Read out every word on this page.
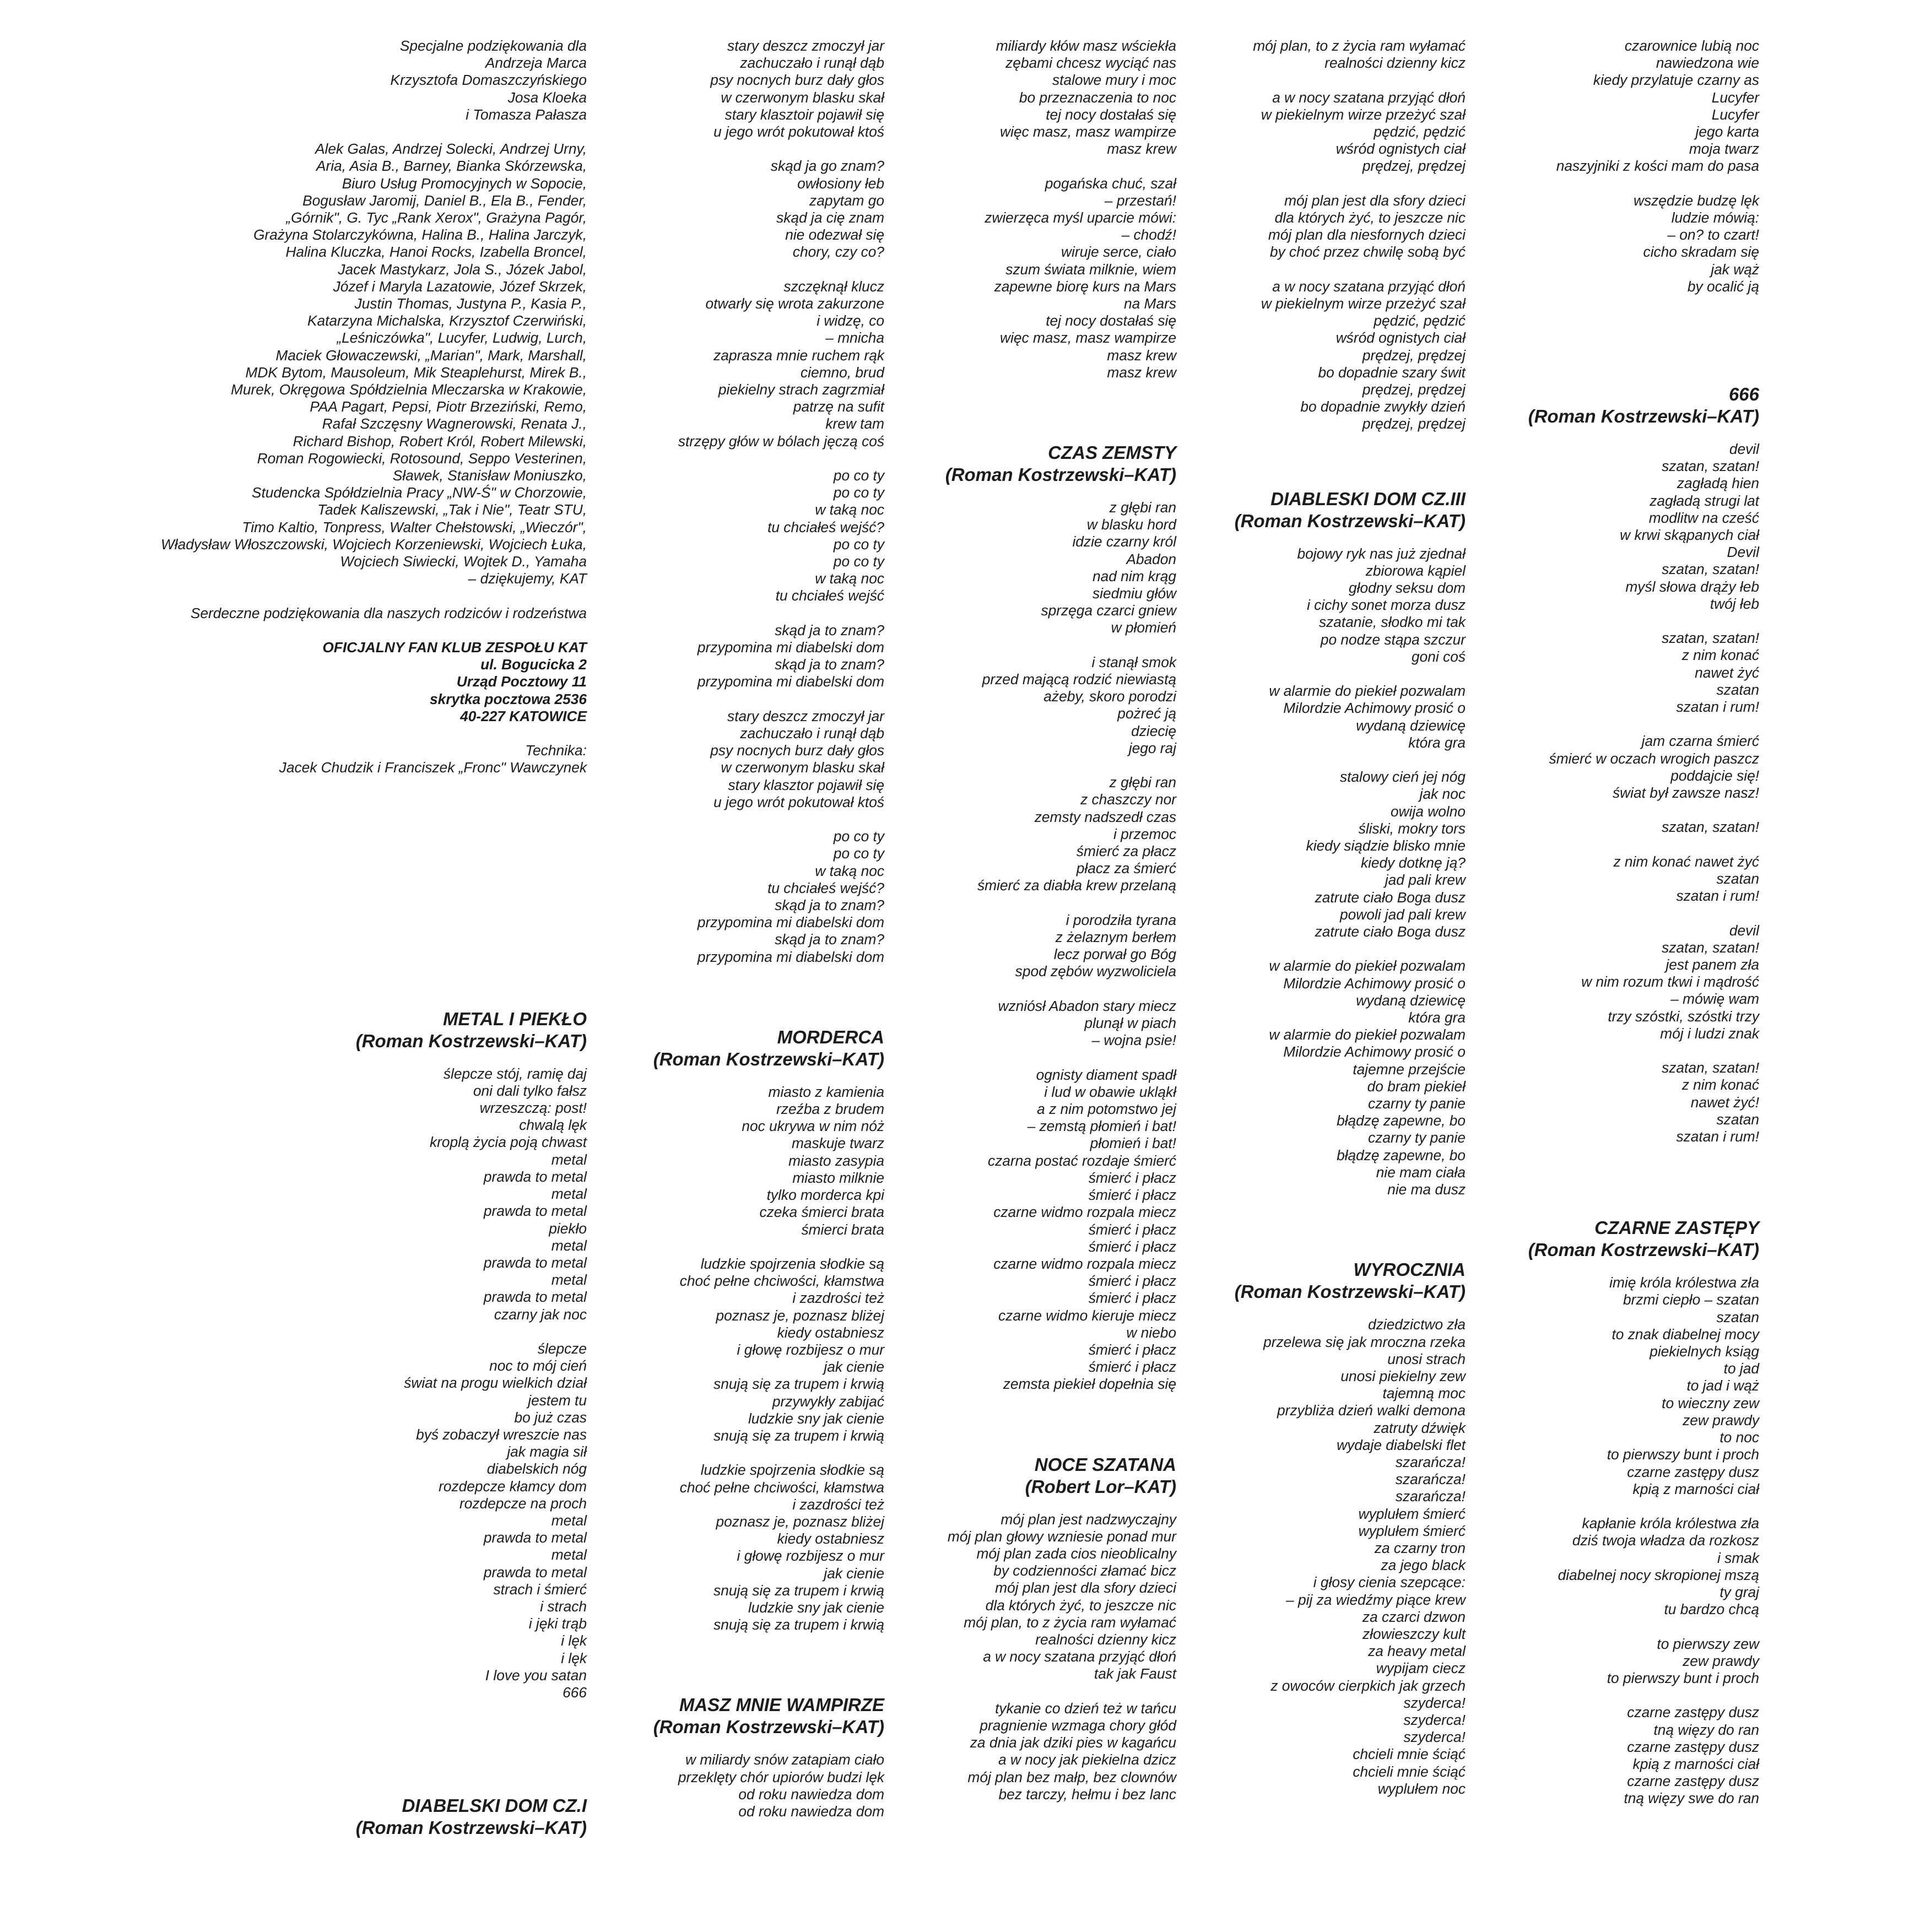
Specjalne podziękowania dla
Andrzeja Marca
Krzysztofa Domaszczyńskiego
Josa Kloeka
i Tomasza Pałasza
Alek Galas, Andrzej Solecki, Andrzej Urny,
Aria, Asia B., Barney, Bianka Skórzewska,
Biuro Usług Promocyjnych w Sopocie,
Bogusław Jaromij, Daniel B., Ela B., Fender,
„Górnik", G. Tyc „Rank Xerox", Grażyna Pagór,
Grażyna Stolarczykówna, Halina B., Halina Jarczyk,
Halina Kluczka, Hanoi Rocks, Izabella Broncel,
Jacek Mastykarz, Jola S., Józek Jabol,
Józef i Maryla Lazatowie, Józef Skrzek,
Justin Thomas, Justyna P., Kasia P.,
Katarzyna Michalska, Krzysztof Czerwiński,
„Leśniczówka", Lucyfer, Ludwig, Lurch,
Maciek Głowaczewski, „Marian", Mark, Marshall,
MDK Bytom, Mausoleum, Mik Steaplehurst, Mirek B.,
Murek, Okręgowa Spółdzielnia Mleczarska w Krakowie,
PAA Pagart, Pepsi, Piotr Brzeziński, Remo,
Rafał Szczęsny Wagnerowski, Renata J.,
Richard Bishop, Robert Król, Robert Milewski,
Roman Rogowiecki, Rotosound, Seppo Vesterinen,
Sławek, Stanisław Moniuszko,
Studencka Spółdzielnia Pracy „NW-Ś" w Chorzowie,
Tadek Kaliszewski, „Tak i Nie", Teatr STU,
Timo Kaltio, Tonpress, Walter Chełstowski, „Wieczór",
Władysław Włoszczowski, Wojciech Korzeniewski, Wojciech Łuka,
Wojciech Siwiecki, Wojtek D., Yamaha
– dziękujemy, KAT
Serdeczne podziękowania dla naszych rodziców i rodzeństwa
OFICJALNY FAN KLUB ZESPOŁU KAT
ul. Bogucicka 2
Urząd Pocztowy 11
skrytka pocztowa 2536
40-227 KATOWICE
Technika:
Jacek Chudzik i Franciszek „Fronc" Wawczynek
METAL I PIEKŁO
(Roman Kostrzewski–KAT)
ślepcze stój, ramię daj
oni dali tylko fałsz
wrzeszczą: post!
chwalą lęk
kroplą życia poją chwast
metal
prawda to metal
metal
prawda to metal
piekło
metal
prawda to metal
metal
prawda to metal
czarny jak noc
ślepcze
noc to mój cień
świat na progu wielkich dział
jestem tu
bo już czas
byś zobaczył wreszcie nas
jak magia sił
diabelskich nóg
rozdepcze kłamcy dom
rozdepcze na proch
metal
prawda to metal
metal
prawda to metal
strach i śmierć
i strach
i jęki trąb
i lęk
i lęk
I love you satan
666
DIABELSKI DOM CZ.I
(Roman Kostrzewski–KAT)
stary deszcz zmoczył jar
zachuczało i runął dąb
psy nocnych burz dały głos
w czerwonym blasku skał
stary klasztoir pojawił się
u jego wrót pokutował ktoś
skąd ja go znam?
owłosiony łeb
zapytam go
skąd ja cię znam
nie odezwał się
chory, czy co?
szczęknął klucz
otwarły się wrota zakurzone
i widzę, co
– mnicha
zaprasza mnie ruchem rąk
ciemno, brud
piekielny strach zagrzmiał
patrzę na sufit
krew tam
strzępy głów w bólach jęczą coś
po co ty
po co ty
w taką noc
tu chciałeś wejść?
po co ty
po co ty
w taką noc
tu chciałeś wejść
skąd ja to znam?
przypomina mi diabelski dom
skąd ja to znam?
przypomina mi diabelski dom
stary deszcz zmoczył jar
zachuczało i runął dąb
psy nocnych burz dały głos
w czerwonym blasku skał
stary klasztor pojawił się
u jego wrót pokutował ktoś
po co ty
po co ty
w taką noc
tu chciałeś wejść?
skąd ja to znam?
przypomina mi diabelski dom
skąd ja to znam?
przypomina mi diabelski dom
MORDERCA
(Roman Kostrzewski–KAT)
miasto z kamienia
rzeźba z brudem
noc ukrywa w nim nóż
maskuje twarz
miasto zasypia
miasto milknie
tylko morderca kpi
czeka śmierci brata
śmierci brata
ludzkie spojrzenia słodkie są
choć pełne chciwości, kłamstwa
i zazdrości też
poznasz je, poznasz bliżej
kiedy ostabniesz
i głowę rozbijesz o mur
jak cienie
snują się za trupem i krwią
przywykły zabijać
ludzkie sny jak cienie
snują się za trupem i krwią
ludzkie spojrzenia słodkie są
choć pełne chciwości, kłamstwa
i zazdrości też
poznasz je, poznasz bliżej
kiedy ostabniesz
i głowę rozbijesz o mur
jak cienie
snują się za trupem i krwią
ludzkie sny jak cienie
snują się za trupem i krwią
MASZ MNIE WAMPIRZE
(Roman Kostrzewski–KAT)
w miliardy snów zatapiam ciało
przeklęty chór upiorów budzi lęk
od roku nawiedza dom
od roku nawiedza dom
miliardy kłów masz wściekła
zębami chcesz wyciąć nas
stalowe mury i moc
bo przeznaczenia to noc
tej nocy dostałaś się
więc masz, masz wampirze
masz krew
pogańska chuć, szał
– przestań!
zwierzęca myśl uparcie mówi:
– chodź!
wiruje serce, ciało
szum świata milknie, wiem
zapewne biorę kurs na Mars
na Mars
tej nocy dostałaś się
więc masz, masz wampirze
masz krew
masz krew
CZAS ZEMSTY
(Roman Kostrzewski–KAT)
z głębi ran
w blasku hord
idzie czarny król
Abadon
nad nim krąg
siedmiu głów
sprzęga czarci gniew
w płomień
i stanął smok
przed mającą rodzić niewiastą
ażeby, skoro porodzi
pożreć ją
dziecię
jego raj
z głębi ran
z chaszczy nor
zemsty nadszedł czas
i przemoc
śmierć za płacz
płacz za śmierć
śmierć za diabła krew przelaną
i porodziła tyrana
z żelaznym berłem
lecz porwał go Bóg
spod zębów wyzwoliciela
wzniósł Abadon stary miecz
plunął w piach
– wojna psie!
ognisty diament spadł
i lud w obawie ukląkł
a z nim potomstwo jej
– zemstą płomień i bat!
płomień i bat!
czarna postać rozdaje śmierć
śmierć i płacz
śmierć i płacz
czarne widmo rozpala miecz
śmierć i płacz
śmierć i płacz
czarne widmo rozpala miecz
śmierć i płacz
śmierć i płacz
czarne widmo kieruje miecz
w niebo
śmierć i płacz
śmierć i płacz
zemsta piekieł dopełnia się
NOCE SZATANA
(Robert Lor–KAT)
mój plan jest nadzwyczajny
mój plan głowy wzniesie ponad mur
mój plan zada cios nieoblicalny
by codzienności złamać bicz
mój plan jest dla sfory dzieci
dla których żyć, to jeszcze nic
mój plan, to z życia ram wyłamać
realności dzienny kicz
a w nocy szatana przyjąć dłoń
tak jak Faust
tykanie co dzień też w tańcu
pragnienie wzmaga chory głód
za dnia jak dziki pies w kagańcu
a w nocy jak piekielna dzicz
mój plan bez małp, bez clownów
bez tarczy, hełmu i bez lanc
mój plan, to z życia ram wyłamać
realności dzienny kicz
a w nocy szatana przyjąć dłoń
w piekielnym wirze przeżyć szał
pędzić, pędzić
wśród ognistych ciał
prędzej, prędzej
mój plan jest dla sfory dzieci
dla których żyć, to jeszcze nic
mój plan dla niesfornych dzieci
by choć przez chwilę sobą być
a w nocy szatana przyjąć dłoń
w piekielnym wirze przeżyć szał
pędzić, pędzić
wśród ognistych ciał
prędzej, prędzej
bo dopadnie szary świt
prędzej, prędzej
bo dopadnie zwykły dzień
prędzej, prędzej
DIABLESKI DOM CZ.III
(Roman Kostrzewski–KAT)
bojowy ryk nas już zjednał
zbiorowa kąpiel
głodny seksu dom
i cichy sonet morza dusz
szatanie, słodko mi tak
po nodze stąpa szczur
goni coś
w alarmie do piekieł pozwalam
Milordzie Achimowy prosić o
wydaną dziewicę
która gra
stalowy cień jej nóg
jak noc
owija wolno
śliski, mokry tors
kiedy siądzie blisko mnie
kiedy dotknę ją?
jad pali krew
zatrute ciało Boga dusz
powoli jad pali krew
zatrute ciało Boga dusz
w alarmie do piekieł pozwalam
Milordzie Achimowy prosić o
wydaną dziewicę
która gra
w alarmie do piekieł pozwalam
Milordzie Achimowy prosić o
tajemne przejście
do bram piekieł
czarny ty panie
błądzę zapewne, bo
czarny ty panie
błądzę zapewne, bo
nie mam ciała
nie ma dusz
WYROCZNIA
(Roman Kostrzewski–KAT)
dziedzictwo zła
przelewa się jak mroczna rzeka
unosi strach
unosi piekielny zew
tajemną moc
przybliża dzień walki demona
zatruty dźwięk
wydaje diabelski flet
szarańcza!
szarańcza!
szarańcza!
wyplułem śmierć
wyplułem śmierć
za czarny tron
za jego black
i głosy cienia szepcące:
– pij za wiedźmy piące krew
za czarci dzwon
złowieszczy kult
za heavy metal
wypijam ciecz
z owoców cierpkich jak grzech
szyderca!
szyderca!
szyderca!
chcieli mnie ściąć
chcieli mnie ściąć
wyplułem noc
czarownice lubią noc
nawiedzona wie
kiedy przylatuje czarny as
Lucyfer
Lucyfer
jego karta
moja twarz
naszyjniki z kości mam do pasa
wszędzie budzę lęk
ludzie mówią:
– on? to czart!
cicho skradam się
jak wąż
by ocalić ją
666
(Roman Kostrzewski–KAT)
devil
szatan, szatan!
zagładą hien
zagładą strugi lat
modlitw na cześć
w krwi skąpanych ciał
Devil
szatan, szatan!
myśl słowa drąży łeb
twój łeb
szatan, szatan!
z nim konać
nawet żyć
szatan
szatan i rum!
jam czarna śmierć
śmierć w oczach wrogich paszcz
poddajcie się!
świat był zawsze nasz!
szatan, szatan!
z nim konać nawet żyć
szatan
szatan i rum!
devil
szatan, szatan!
jest panem zła
w nim rozum tkwi i mądrość
– mówię wam
trzy szóstki, szóstki trzy
mój i ludzi znak
szatan, szatan!
z nim konać
nawet żyć!
szatan
szatan i rum!
CZARNE ZASTĘPY
(Roman Kostrzewski–KAT)
imię króla królestwa zła
brzmi ciepło – szatan
szatan
to znak diabelnej mocy
piekielnych ksiąg
to jad
to jad i wąż
to wieczny zew
zew prawdy
to noc
to pierwszy bunt i proch
czarne zastępy dusz
kpią z marności ciał
kapłanie króla królestwa zła
dziś twoja władza da rozkosz
i smak
diabelnej nocy skropionej mszą
ty graj
tu bardzo chcą
to pierwszy zew
zew prawdy
to pierwszy bunt i proch
czarne zastępy dusz
tną więzy do ran
czarne zastępy dusz
kpią z marności ciał
czarne zastępy dusz
tną więzy swe do ran
